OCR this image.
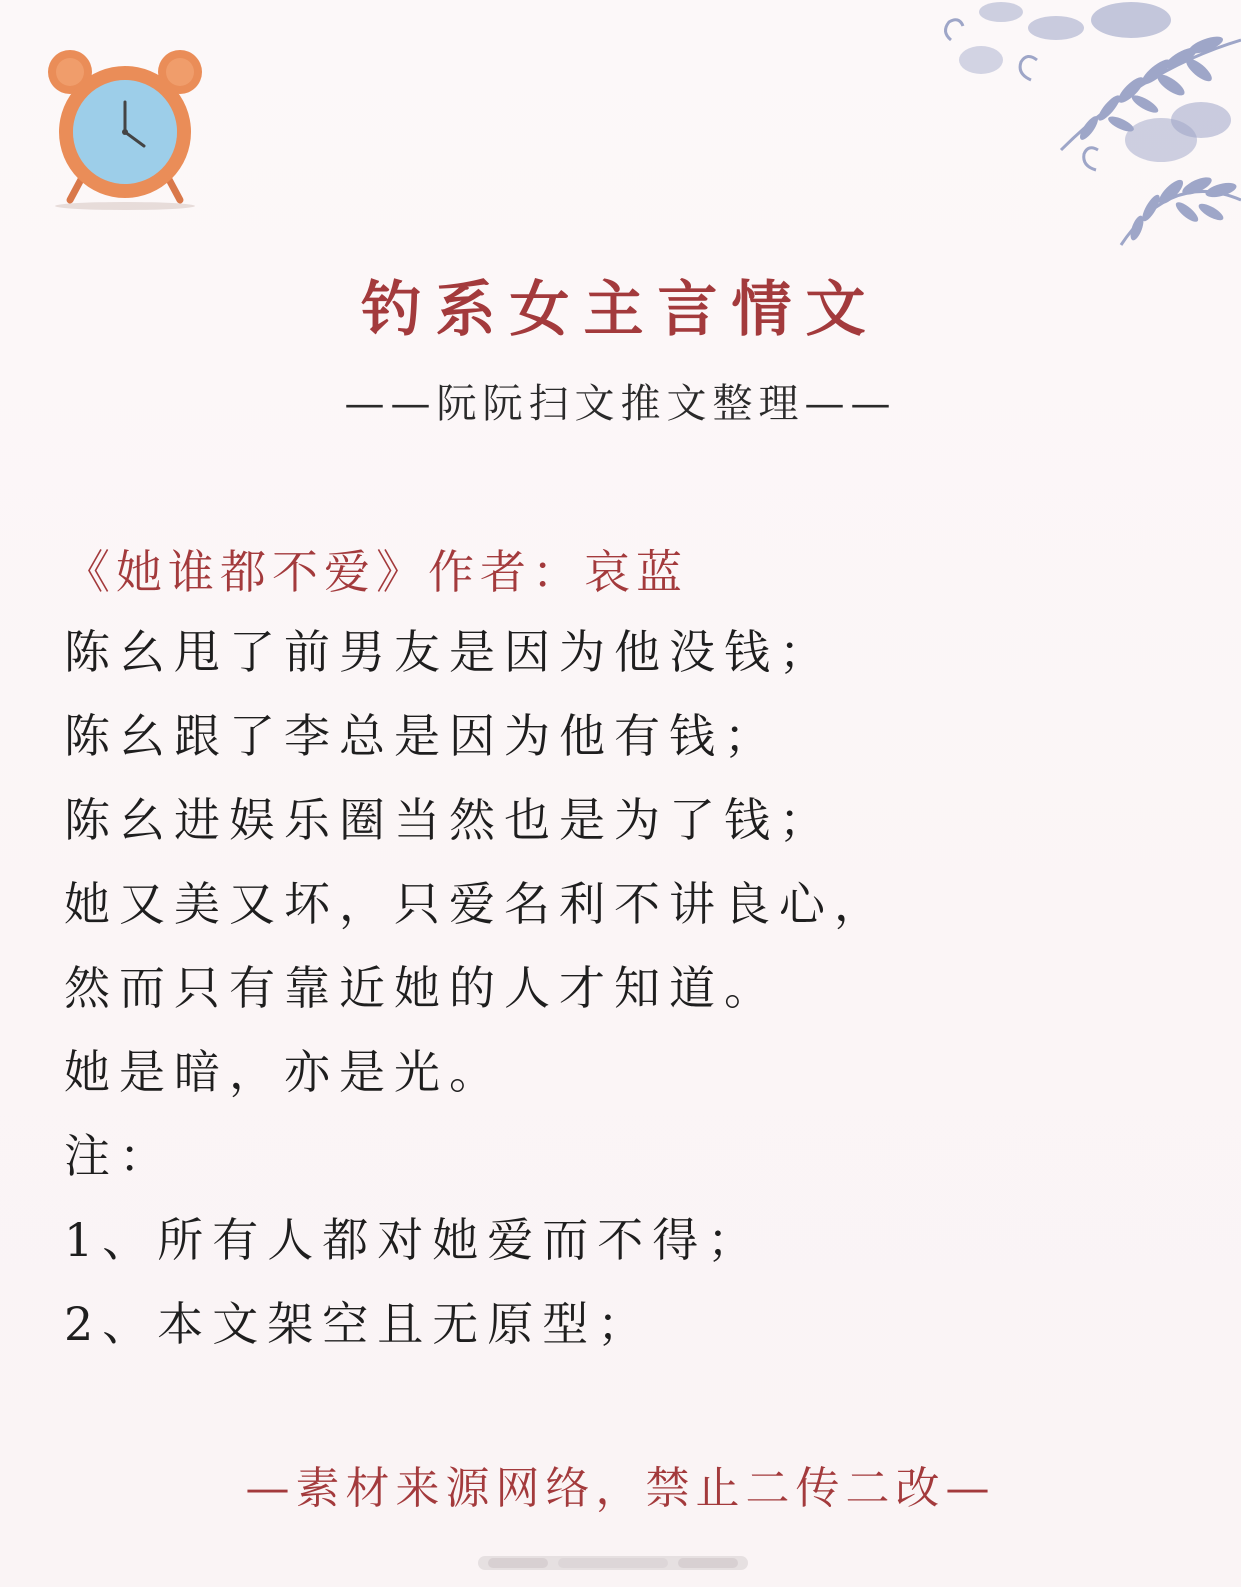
钓系女主言情文
——阮阮扫文推文整理——
《她谁都不爱》作者：哀蓝
陈幺甩了前男友是因为他没钱；
陈幺跟了李总是因为他有钱；
陈幺进娱乐圈当然也是为了钱；
她又美又坏，只爱名利不讲良心，
然而只有靠近她的人才知道。
她是暗，亦是光。
注：
1、所有人都对她爱而不得；
2、本文架空且无原型；
—素材来源网络，禁止二传二改—
